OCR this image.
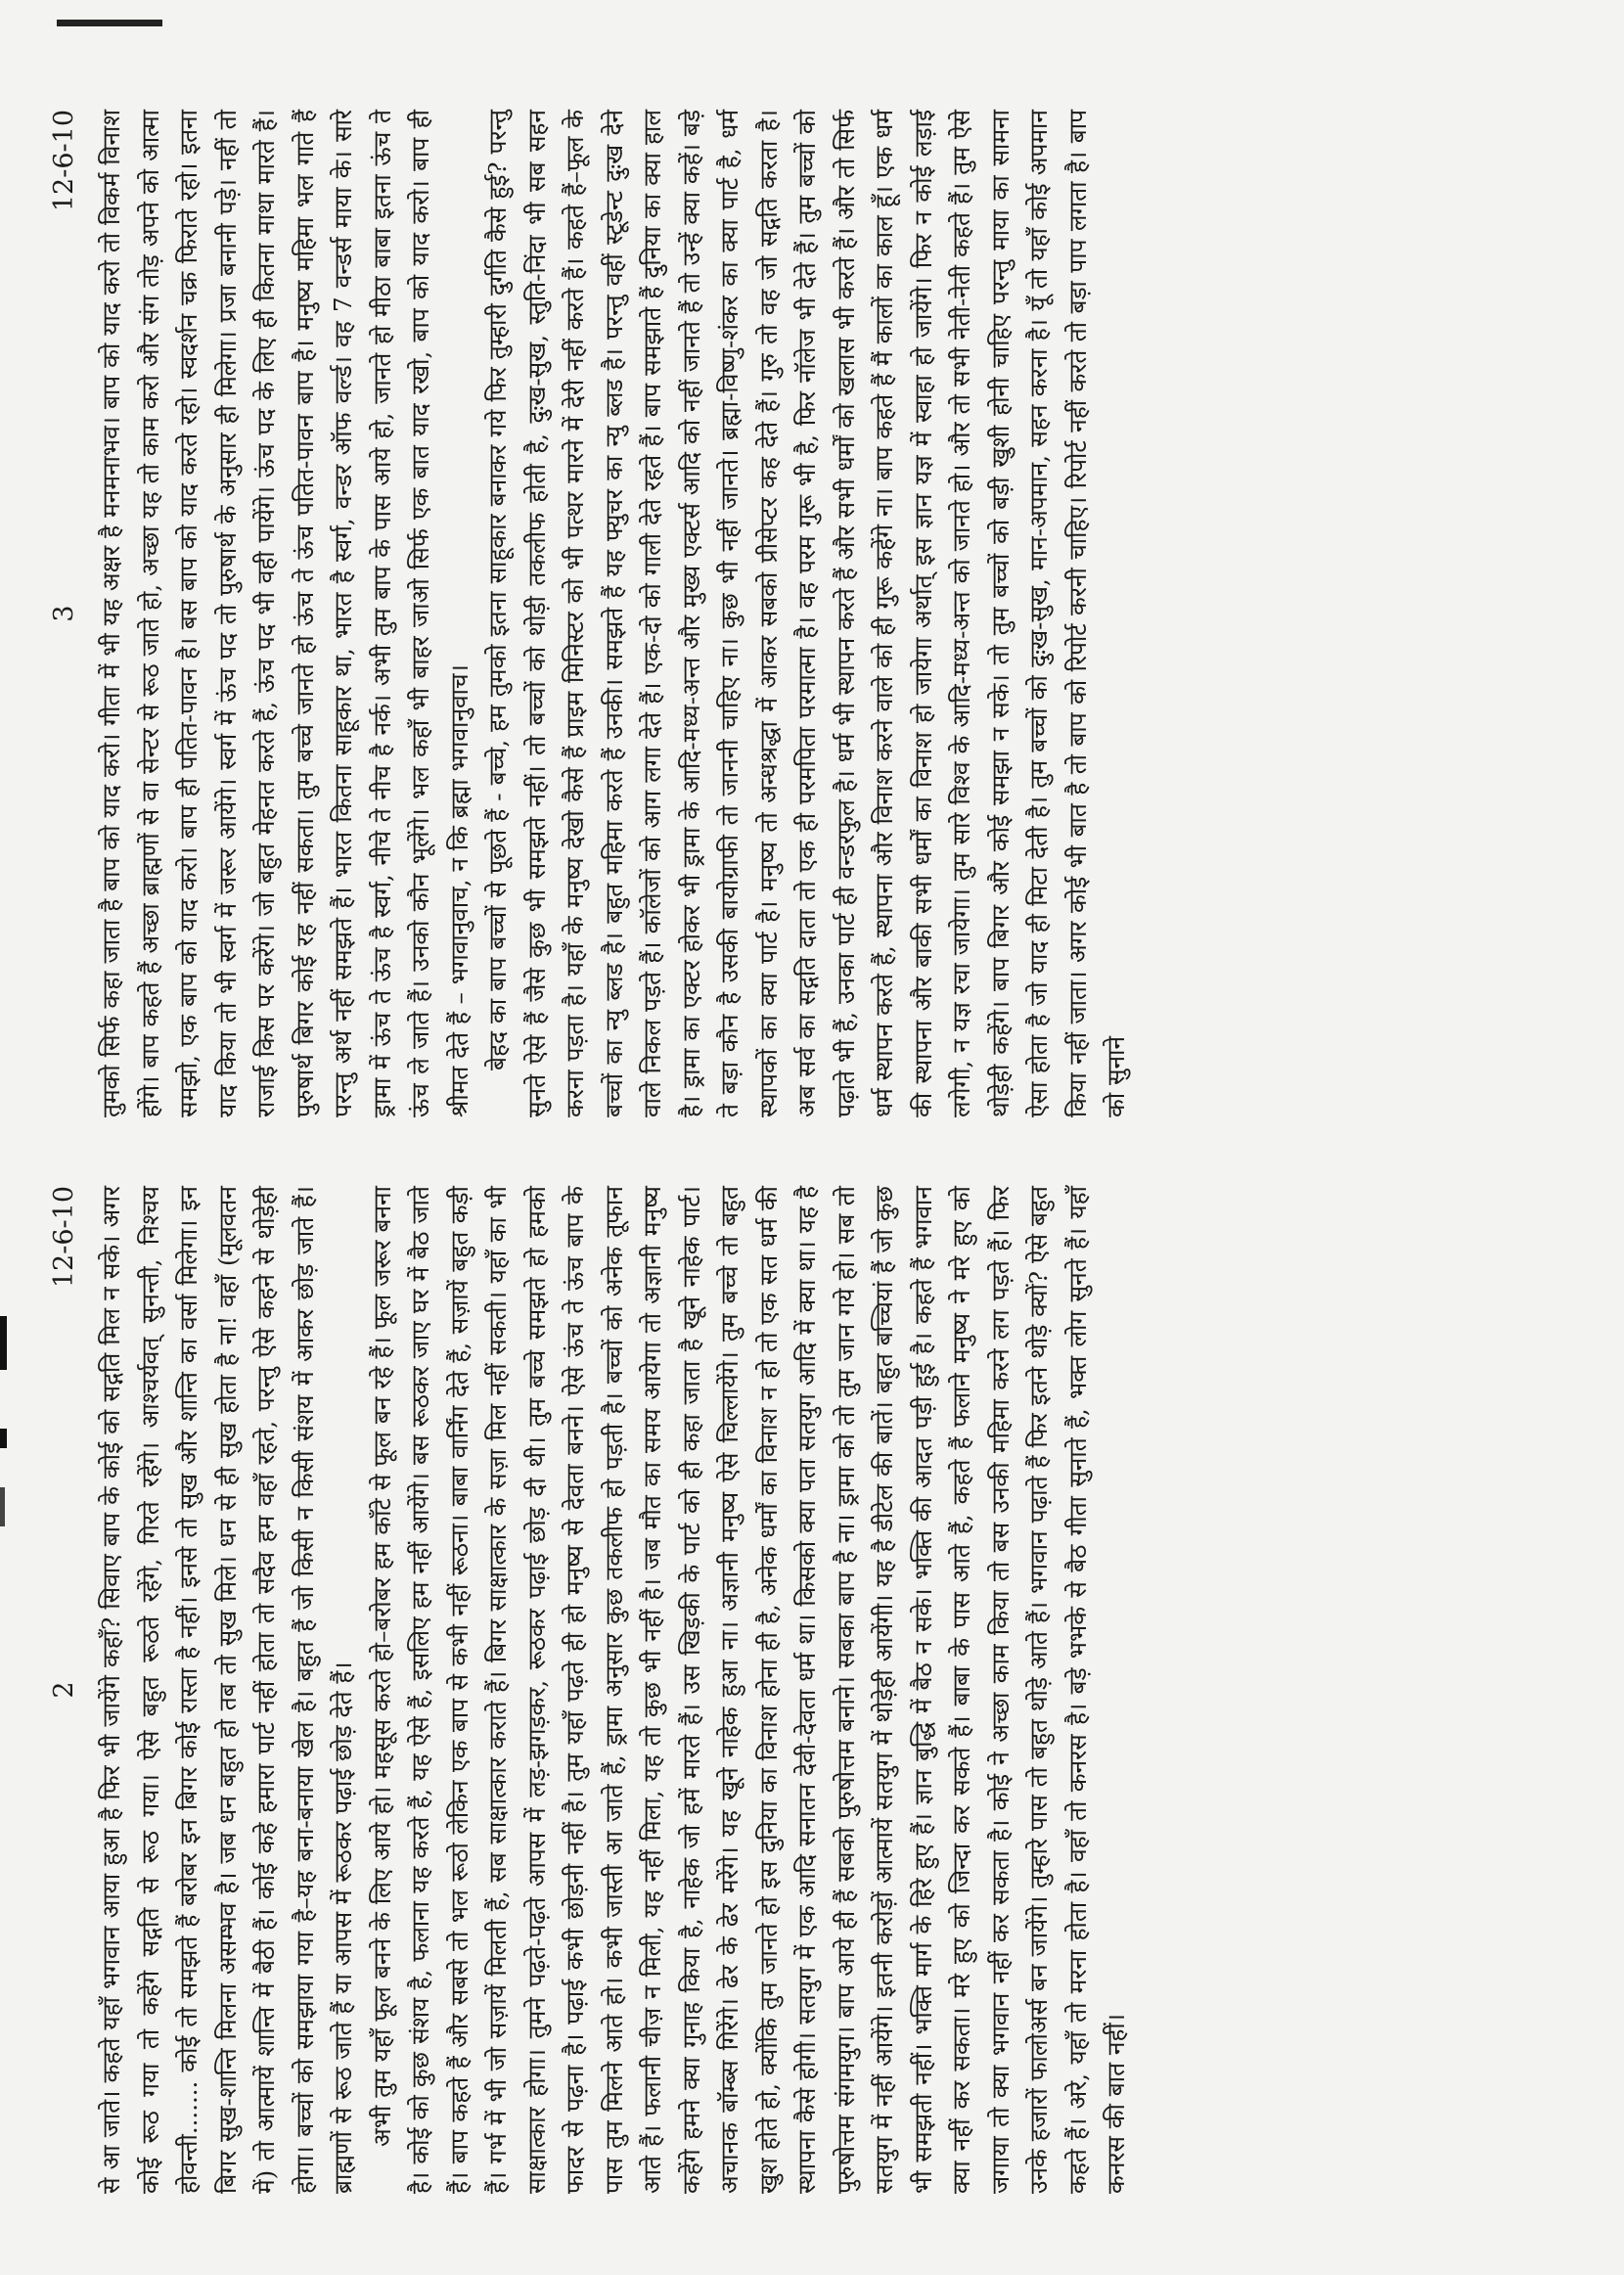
2
12-6-10 से आ जाते। कहते यहाँ भगवान आया हुआ है फिर भी जायेंगे कहाँ? सिवाए बाप के कोई को सद्गति मिल न सके। अगर कोई रूठ गया तो कहेंगे सद्गति से रूठ गया। ऐसे बहुत रूठते रहेंगे, गिरते रहेंगे। आश्चर्यवत् सुनन्ती, निश्चय होवन्ती....... कोई तो समझते हैं बरोबर इन बिगर कोई रास्ता है नहीं। इनसे तो सुख और शान्ति का वर्सा मिलेगा। इन बिगर सुख-शान्ति मिलना असम्भव है। जब धन बहुत हो तब तो सुख मिले। धन से ही सुख होता है ना! वहाँ (मूलवतन में) तो आत्मायें शान्ति में बैठी हैं। कोई कहे हमारा पार्ट नहीं होता तो सदैव हम वहाँ रहते, परन्तु ऐसे कहने से थोड़ेही होगा। बच्चों को समझाया गया है–यह बना-बनाया खेल है। बहुत हैं जो किसी न किसी संशय में आकर छोड़ जाते हैं। ब्राह्मणों से रूठ जाते हैं या आपस में रूठकर पढ़ाई छोड़ देते हैं। अभी तुम यहाँ फूल बनने के लिए आये हो। महसूस करते हो–बरोबर हम काँटे से फूल बन रहे हैं। फूल जरूर बनना है। कोई को कुछ संशय है, फलाना यह करते हैं, यह ऐसे हैं, इसलिए हम नहीं आयेंगे। बस रूठकर जाए घर में बैठ जाते हैं। बाप कहते हैं और सबसे तो भल रूठो लेकिन एक बाप से कभी नहीं रूठना। बाबा वार्निंग देते हैं, सज़ायें बहुत कड़ी हैं। गर्भ में भी जो सज़ायें मिलती हैं, सब साक्षात्कार कराते हैं। बिगर साक्षात्कार के सज़ा मिल नहीं सकती। यहाँ का भी साक्षात्कार होगा। तुमने पढ़ते-पढ़ते आपस में लड़-झगड़कर, रूठकर पढ़ाई छोड़ दी थी। तुम बच्चे समझते हो हमको फादर से पढ़ना है। पढ़ाई कभी छोड़नी नहीं है। तुम यहाँ पढ़ते ही हो मनुष्य से देवता बनने। ऐसे ऊंच ते ऊंच बाप के पास तुम मिलने आते हो। कभी जास्ती आ जाते हैं, ड्रामा अनुसार कुछ तकलीफ हो पड़ती है। बच्चों को अनेक तूफान आते हैं। फलानी चीज़ न मिली, यह नहीं मिला, यह तो कुछ भी नहीं है। जब मौत का समय आयेगा तो अज्ञानी मनुष्य कहेंगे हमने क्या गुनाह किया है, नाहेक जो हमें मारते हैं। उस खिड़की के पार्ट को ही कहा जाता है खूने नाहेक पार्ट। अचानक बॉम्ब्स गिरेंगे। ढेर के ढेर मरेंगे। यह खूने नाहेक हुआ ना। अज्ञानी मनुष्य ऐसे चिल्लायेंगे। तुम बच्चे तो बहुत खुश होते हो, क्योंकि तुम जानते हो इस दुनिया का विनाश होना ही है, अनेक धर्मों का विनाश न हो तो एक सत धर्म की स्थापना कैसे होगी। सतयुग में एक आदि सनातन देवी-देवता धर्म था। किसको क्या पता सतयुग आदि में क्या था। यह है पुरुषोत्तम संगमयुग। बाप आये ही हैं सबको पुरुषोत्तम बनाने। सबका बाप है ना। ड्रामा को तो तुम जान गये हो। सब तो सतयुग में नहीं आयेंगे। इतनी करोड़ों आत्मायें सतयुग में थोड़ेही आयेंगी। यह है डीटेल की बातें। बहुत बच्चियां हैं जो कुछ भी समझती नहीं। भक्ति मार्ग के हिरे हुए हैं। ज्ञान बुद्धि में बैठ न सके। भक्ति की आदत पड़ी हुई है। कहते हैं भगवान क्या नहीं कर सकता। मरे हुए को जिन्दा कर सकते हैं। बाबा के पास आते हैं, कहते हैं फलाने मनुष्य ने मरे हुए को जगाया तो क्या भगवान नहीं कर सकता है। कोई ने अच्छा काम किया तो बस उनकी महिमा करने लग पड़ते हैं। फिर उनके हजारों फालोअर्स बन जायेंगे। तुम्हारे पास तो बहुत थोड़े आते हैं। भगवान पढ़ाते हैं फिर इतने थोड़े क्यों? ऐसे बहुत कहते हैं। अरे, यहाँ तो मरना होता है। वहाँ तो कनरस है। बड़े भभके से बैठ गीता सुनाते हैं, भक्त लोग सुनते हैं। यहाँ कनरस की बात नहीं।

3
12-6-10 तुमको सिर्फ कहा जाता है बाप को याद करो। गीता में भी यह अक्षर है मनमनाभव। बाप को याद करो तो विकर्म विनाश होंगे। बाप कहते हैं अच्छा ब्राह्मणों से वा सेन्टर से रूठ जाते हो, अच्छा यह तो काम करो और संग तोड़ अपने को आत्मा समझो, एक बाप को याद करो। बाप ही पतित-पावन है। बस बाप को याद करते रहो। स्वदर्शन चक्र फिराते रहो। इतना याद किया तो भी स्वर्ग में जरूर आयेंगे। स्वर्ग में ऊंच पद तो पुरुषार्थ के अनुसार ही मिलेगा। प्रजा बनानी पड़े। नहीं तो राजाई किस पर करेंगे। जो बहुत मेहनत करते हैं, ऊंच पद भी वही पायेंगे। ऊंच पद के लिए ही कितना माथा मारते हैं। पुरुषार्थ बिगर कोई रह नहीं सकता। तुम बच्चे जानते हो ऊंच ते ऊंच पतित-पावन बाप है। मनुष्य महिमा भल गाते हैं परन्तु अर्थ नहीं समझते हैं। भारत कितना साहूकार था, भारत है स्वर्ग, वन्डर ऑफ वर्ल्ड। वह 7 वन्डर्स माया के। सारे ड्रामा में ऊंच ते ऊंच है स्वर्ग, नीचे ते नीच है नर्क। अभी तुम बाप के पास आये हो, जानते हो मीठा बाबा इतना ऊंच ते ऊंच ले जाते हैं। उनको कौन भूलेंगे। भल कहाँ भी बाहर जाओ सिर्फ एक बात याद रखो, बाप को याद करो। बाप ही श्रीमत देते हैं – भगवानुवाच, न कि ब्रह्मा भगवानुवाच। बेहद का बाप बच्चों से पूछते हैं - बच्चे, हम तुमको इतना साहूकार बनाकर गये फिर तुम्हारी दुर्गति कैसे हुई? परन्तु सुनते ऐसे हैं जैसे कुछ भी समझते नहीं। तो बच्चों को थोड़ी तकलीफ होती है, दुःख-सुख, स्तुति-निंदा भी सब सहन करना पड़ता है। यहाँ के मनुष्य देखो कैसे हैं प्राइम मिनिस्टर को भी पत्थर मारने में देरी नहीं करते हैं। कहते हैं–फूल के बच्चों का न्यु ब्लड है। बहुत महिमा करते हैं उनकी। समझते हैं यह फ्युचर का न्यु ब्लड है। परन्तु वहीं स्टूडेन्ट दुःख देने वाले निकल पड़ते हैं। कॉलेजों को आग लगा देते हैं। एक-दो को गाली देते रहते हैं। बाप समझाते हैं दुनिया का क्या हाल है। ड्रामा का एक्टर होकर भी ड्रामा के आदि-मध्य-अन्त और मुख्य एक्टर्स आदि को नहीं जानते हैं तो उन्हें क्या कहें। बड़े ते बड़ा कौन है उसकी बायोग्राफी तो जाननी चाहिए ना। कुछ भी नहीं जानते। ब्रह्मा-विष्णु-शंकर का क्या पार्ट है, धर्म स्थापकों का क्या पार्ट है। मनुष्य तो अन्धश्रद्धा में आकर सबको प्रीसेप्टर कह देते हैं। गुरु तो वह जो सद्गति करता है। अब सर्व का सद्गति दाता तो एक ही परमपिता परमात्मा है। वह परम गुरू भी है, फिर नॉलेज भी देते हैं। तुम बच्चों को पढ़ाते भी हैं, उनका पार्ट ही वन्डरफुल है। धर्म भी स्थापन करते हैं और सभी धर्मों को खलास भी करते हैं। और तो सिर्फ धर्म स्थापन करते हैं, स्थापना और विनाश करने वाले को ही गुरू कहेंगे ना। बाप कहते हैं मैं कालों का काल हूँ। एक धर्म की स्थापना और बाकी सभी धर्मों का विनाश हो जायेगा अर्थात् इस ज्ञान यज्ञ में स्वाहा हो जायेंगे। फिर न कोई लड़ाई लगेगी, न यज्ञ रचा जायेगा। तुम सारे विश्व के आदि-मध्य-अन्त को जानते हो। और तो सभी नेती-नेती कहते हैं। तुम ऐसे थोड़ेही कहेंगे। बाप बिगर और कोई समझा न सके। तो तुम बच्चों को बड़ी खुशी होनी चाहिए परन्तु माया का सामना ऐसा होता है जो याद ही मिटा देती है। तुम बच्चों को दुःख-सुख, मान-अपमान, सहन करना है। यूँ तो यहाँ कोई अपमान किया नहीं जाता। अगर कोई भी बात है तो बाप को रिपोर्ट करनी चाहिए। रिपोर्ट नहीं करते तो बड़ा पाप लगता है। बाप को सुनाने
